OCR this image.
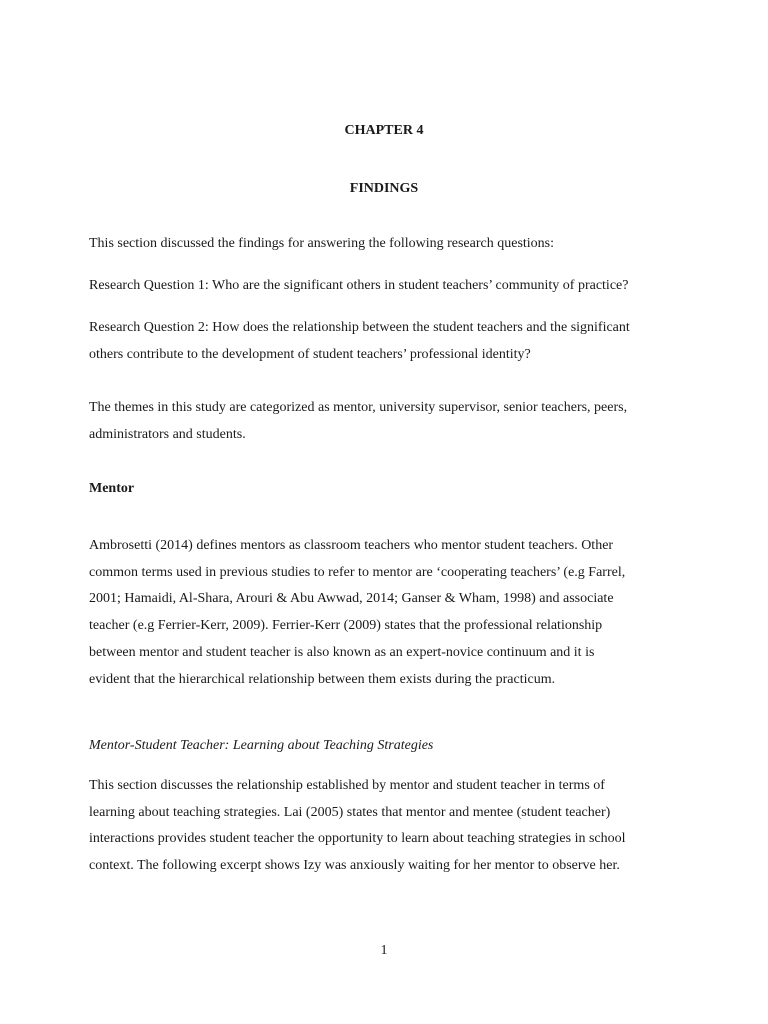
CHAPTER 4
FINDINGS

This section discussed the findings for answering the following research questions:

Research Question 1: Who are the significant others in student teachers’ community of practice?

Research Question 2: How does the relationship between the student teachers and the significant
others contribute to the development of student teachers’ professional identity?

The themes in this study are categorized as mentor, university supervisor, senior teachers, peers,
administrators and students.

Mentor

Ambrosetti (2014) defines mentors as classroom teachers who mentor student teachers. Other
common terms used in previous studies to refer to mentor are ‘cooperating teachers’ (e.g Farrel,
2001; Hamaidi, Al-Shara, Arouri & Abu Awwad, 2014; Ganser & Wham, 1998) and associate
teacher (e.g Ferrier-Kerr, 2009). Ferrier-Kerr (2009) states that the professional relationship
between mentor and student teacher is also known as an expert-novice continuum and it is
evident that the hierarchical relationship between them exists during the practicum.

Mentor-Student Teacher: Learning about Teaching Strategies

This section discusses the relationship established by mentor and student teacher in terms of
learning about teaching strategies. Lai (2005) states that mentor and mentee (student teacher)
interactions provides student teacher the opportunity to learn about teaching strategies in school
context. The following excerpt shows Izy was anxiously waiting for her mentor to observe her.

1
